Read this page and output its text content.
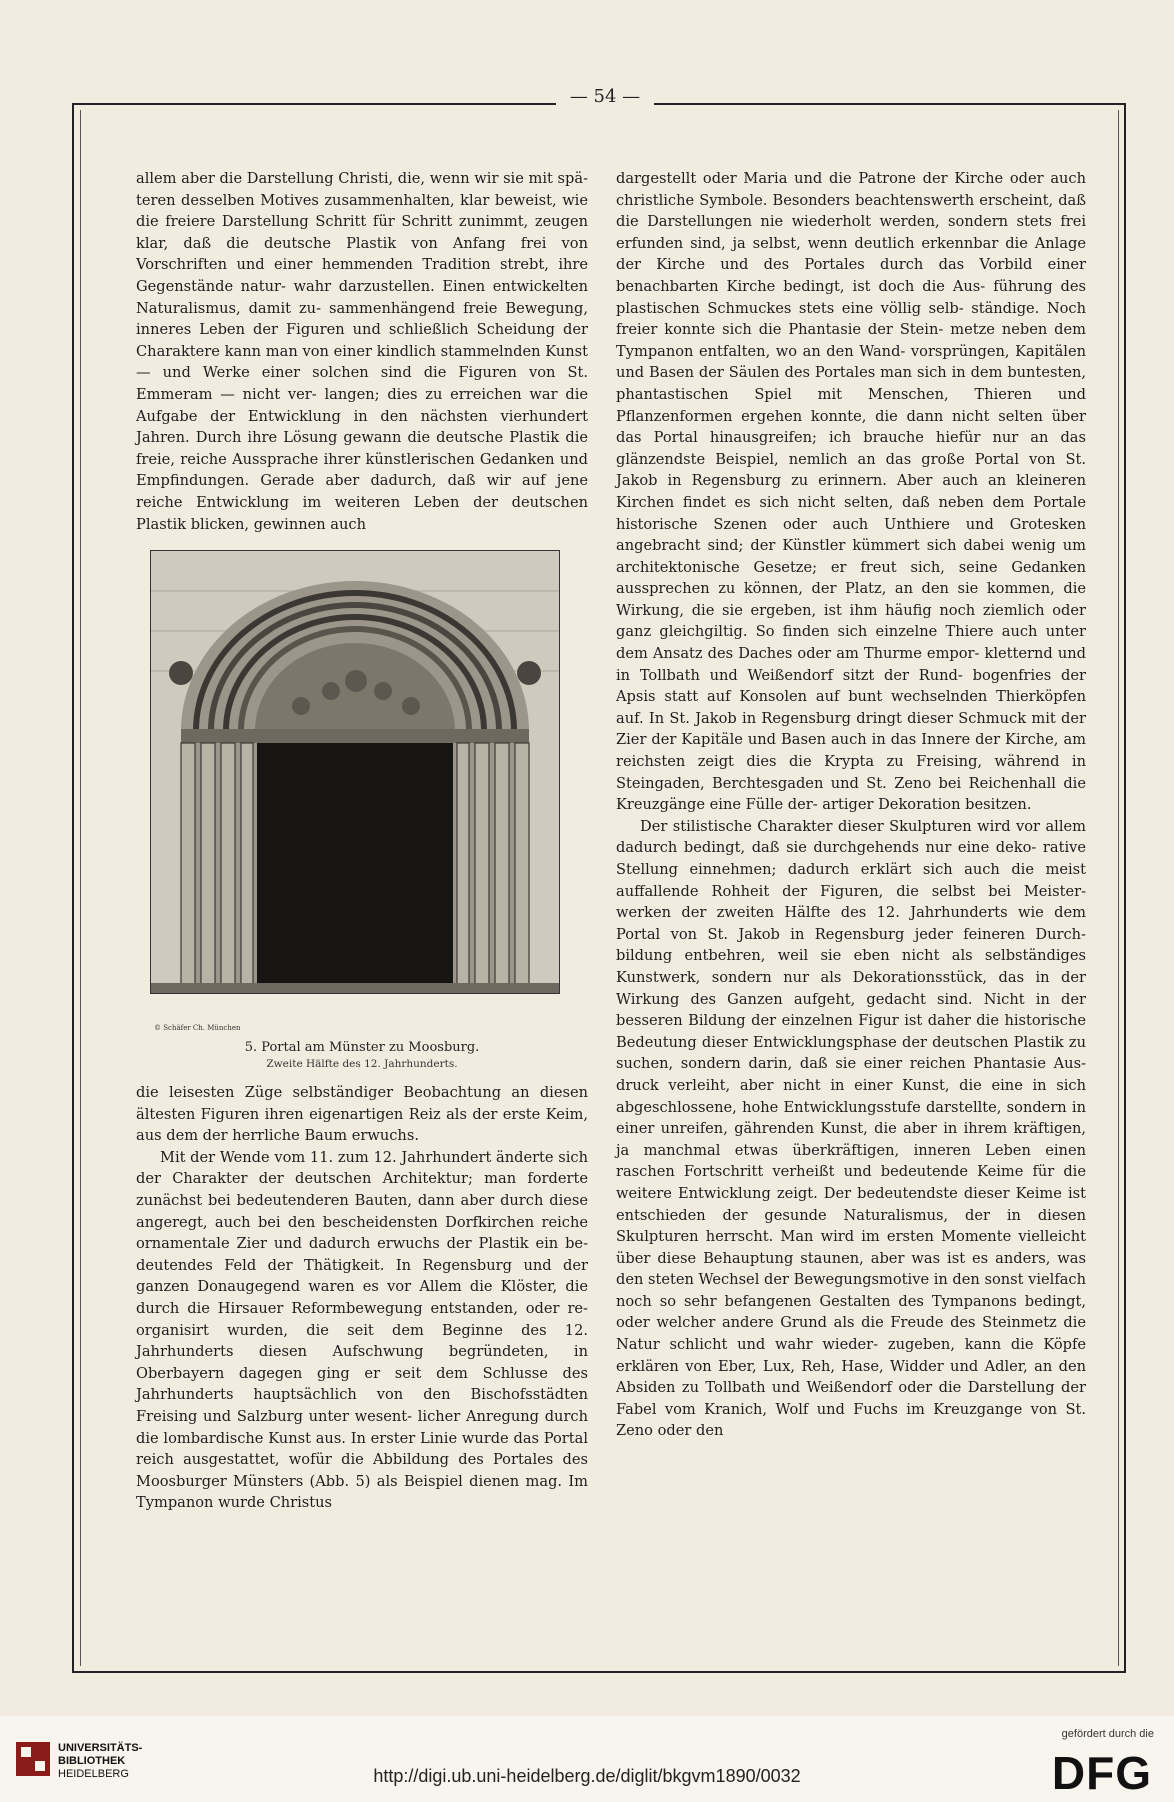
— 54 —

allem aber die Darstellung Christi, die, wenn wir sie mit spä- teren desselben Motives zusammenhalten, klar beweist, wie die freiere Darstellung Schritt für Schritt zunimmt, zeugen klar, daß die deutsche Plastik von Anfang frei von Vorschriften und einer hemmenden Tradition strebt, ihre Gegenstände natur- wahr darzustellen. Einen entwickelten Naturalismus, damit zu- sammenhängend freie Bewegung, inneres Leben der Figuren und schließlich Scheidung der Charaktere kann man von einer kindlich stammelnden Kunst — und Werke einer solchen sind die Figuren von St. Emmeram — nicht ver- langen; dies zu erreichen war die Aufgabe der Entwicklung in den nächsten vierhundert Jahren. Durch ihre Lösung gewann die deutsche Plastik die freie, reiche Aussprache ihrer künstlerischen Gedanken und Empfindungen. Gerade aber dadurch, daß wir auf jene reiche Entwicklung im weiteren Leben der deutschen Plastik blicken, gewinnen auch

© Schäfer Ch. München
5. Portal am Münster zu Moosburg.
Zweite Hälfte des 12. Jahrhunderts.

die leisesten Züge selbständiger Beobachtung an diesen ältesten Figuren ihren eigenartigen Reiz als der erste Keim, aus dem der herrliche Baum erwuchs.

Mit der Wende vom 11. zum 12. Jahrhundert änderte sich der Charakter der deutschen Architektur; man forderte zunächst bei bedeutenderen Bauten, dann aber durch diese angeregt, auch bei den bescheidensten Dorfkirchen reiche ornamentale Zier und dadurch erwuchs der Plastik ein be- deutendes Feld der Thätigkeit. In Regensburg und der ganzen Donaugegend waren es vor Allem die Klöster, die durch die Hirsauer Reformbewegung entstanden, oder re- organisirt wurden, die seit dem Beginne des 12. Jahrhunderts diesen Aufschwung begründeten, in Oberbayern dagegen ging er seit dem Schlusse des Jahrhunderts hauptsächlich von den Bischofsstädten Freising und Salzburg unter wesent- licher Anregung durch die lombardische Kunst aus. In erster Linie wurde das Portal reich ausgestattet, wofür die Abbildung des Portales des Moosburger Münsters (Abb. 5) als Beispiel dienen mag. Im Tympanon wurde Christus

dargestellt oder Maria und die Patrone der Kirche oder auch christliche Symbole. Besonders beachtenswerth erscheint, daß die Darstellungen nie wiederholt werden, sondern stets frei erfunden sind, ja selbst, wenn deutlich erkennbar die Anlage der Kirche und des Portales durch das Vorbild einer benachbarten Kirche bedingt, ist doch die Aus- führung des plastischen Schmuckes stets eine völlig selb- ständige. Noch freier konnte sich die Phantasie der Stein- metze neben dem Tympanon entfalten, wo an den Wand- vorsprüngen, Kapitälen und Basen der Säulen des Portales man sich in dem buntesten, phantastischen Spiel mit Menschen, Thieren und Pflanzenformen ergehen konnte, die dann nicht selten über das Portal hinausgreifen; ich brauche hiefür nur an das glänzendste Beispiel, nemlich an das große Portal von St. Jakob in Regensburg zu erinnern. Aber auch an kleineren Kirchen findet es sich nicht selten, daß neben dem Portale historische Szenen oder auch Unthiere und Grotesken angebracht sind; der Künstler kümmert sich dabei wenig um architektonische Gesetze; er freut sich, seine Gedanken aussprechen zu können, der Platz, an den sie kommen, die Wirkung, die sie ergeben, ist ihm häufig noch ziemlich oder ganz gleichgiltig. So finden sich einzelne Thiere auch unter dem Ansatz des Daches oder am Thurme empor- kletternd und in Tollbath und Weißendorf sitzt der Rund- bogenfries der Apsis statt auf Konsolen auf bunt wechselnden Thierköpfen auf. In St. Jakob in Regensburg dringt dieser Schmuck mit der Zier der Kapitäle und Basen auch in das Innere der Kirche, am reichsten zeigt dies die Krypta zu Freising, während in Steingaden, Berchtesgaden und St. Zeno bei Reichenhall die Kreuzgänge eine Fülle der- artiger Dekoration besitzen.

Der stilistische Charakter dieser Skulpturen wird vor allem dadurch bedingt, daß sie durchgehends nur eine deko- rative Stellung einnehmen; dadurch erklärt sich auch die meist auffallende Rohheit der Figuren, die selbst bei Meister- werken der zweiten Hälfte des 12. Jahrhunderts wie dem Portal von St. Jakob in Regensburg jeder feineren Durch- bildung entbehren, weil sie eben nicht als selbständiges Kunstwerk, sondern nur als Dekorationsstück, das in der Wirkung des Ganzen aufgeht, gedacht sind. Nicht in der besseren Bildung der einzelnen Figur ist daher die historische Bedeutung dieser Entwicklungsphase der deutschen Plastik zu suchen, sondern darin, daß sie einer reichen Phantasie Aus- druck verleiht, aber nicht in einer Kunst, die eine in sich abgeschlossene, hohe Entwicklungsstufe darstellte, sondern in einer unreifen, gährenden Kunst, die aber in ihrem kräftigen, ja manchmal etwas überkräftigen, inneren Leben einen raschen Fortschritt verheißt und bedeutende Keime für die weitere Entwicklung zeigt. Der bedeutendste dieser Keime ist entschieden der gesunde Naturalismus, der in diesen Skulpturen herrscht. Man wird im ersten Momente vielleicht über diese Behauptung staunen, aber was ist es anders, was den steten Wechsel der Bewegungsmotive in den sonst vielfach noch so sehr befangenen Gestalten des Tympanons bedingt, oder welcher andere Grund als die Freude des Steinmetz die Natur schlicht und wahr wieder- zugeben, kann die Köpfe erklären von Eber, Lux, Reh, Hase, Widder und Adler, an den Absiden zu Tollbath und Weißendorf oder die Darstellung der Fabel vom Kranich, Wolf und Fuchs im Kreuzgange von St. Zeno oder den

UNIVERSITÄTS-
BIBLIOTHEK
HEIDELBERG	http://digi.ub.uni-heidelberg.de/diglit/bkgvm1890/0032
gefördert durch die
DFG
